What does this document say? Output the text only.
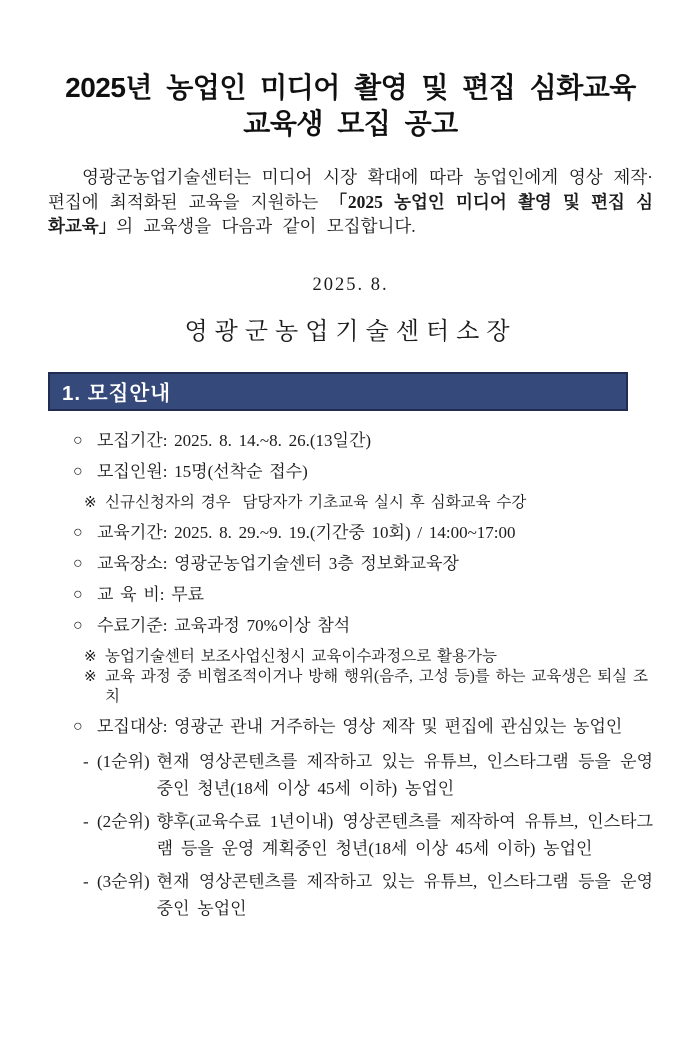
2025년 농업인 미디어 촬영 및 편집 심화교육
교육생 모집 공고

영광군농업기술센터는 미디어 시장 확대에 따라 농업인에게 영상 제작·편집에 최적화된 교육을 지원하는 「2025 농업인 미디어 촬영 및 편집 심화교육」의 교육생을 다음과 같이 모집합니다.

2025. 8.
영광군농업기술센터소장
1. 모집안내
○ 모집기간: 2025. 8. 14.~8. 26.(13일간)
○ 모집인원: 15명(선착순 접수)
※ 신규신청자의 경우  담당자가 기초교육 실시 후 심화교육 수강
○ 교육기간: 2025. 8. 29.~9. 19.(기간중 10회) / 14:00~17:00
○ 교육장소: 영광군농업기술센터 3층 정보화교육장
○ 교 육 비: 무료
○ 수료기준: 교육과정 70%이상 참석
※ 농업기술센터 보조사업신청시 교육이수과정으로 활용가능
※ 교육 과정 중 비협조적이거나 방해 행위(음주, 고성 등)를 하는 교육생은 퇴실 조치
○ 모집대상: 영광군 관내 거주하는 영상 제작 및 편집에 관심있는 농업인
- (1순위) 현재 영상콘텐츠를 제작하고 있는 유튜브, 인스타그램 등을 운영중인 청년(18세 이상 45세 이하) 농업인
- (2순위) 향후(교육수료 1년이내) 영상콘텐츠를 제작하여 유튜브, 인스타그램 등을 운영 계획중인 청년(18세 이상 45세 이하) 농업인
- (3순위) 현재 영상콘텐츠를 제작하고 있는 유튜브, 인스타그램 등을 운영중인 농업인
